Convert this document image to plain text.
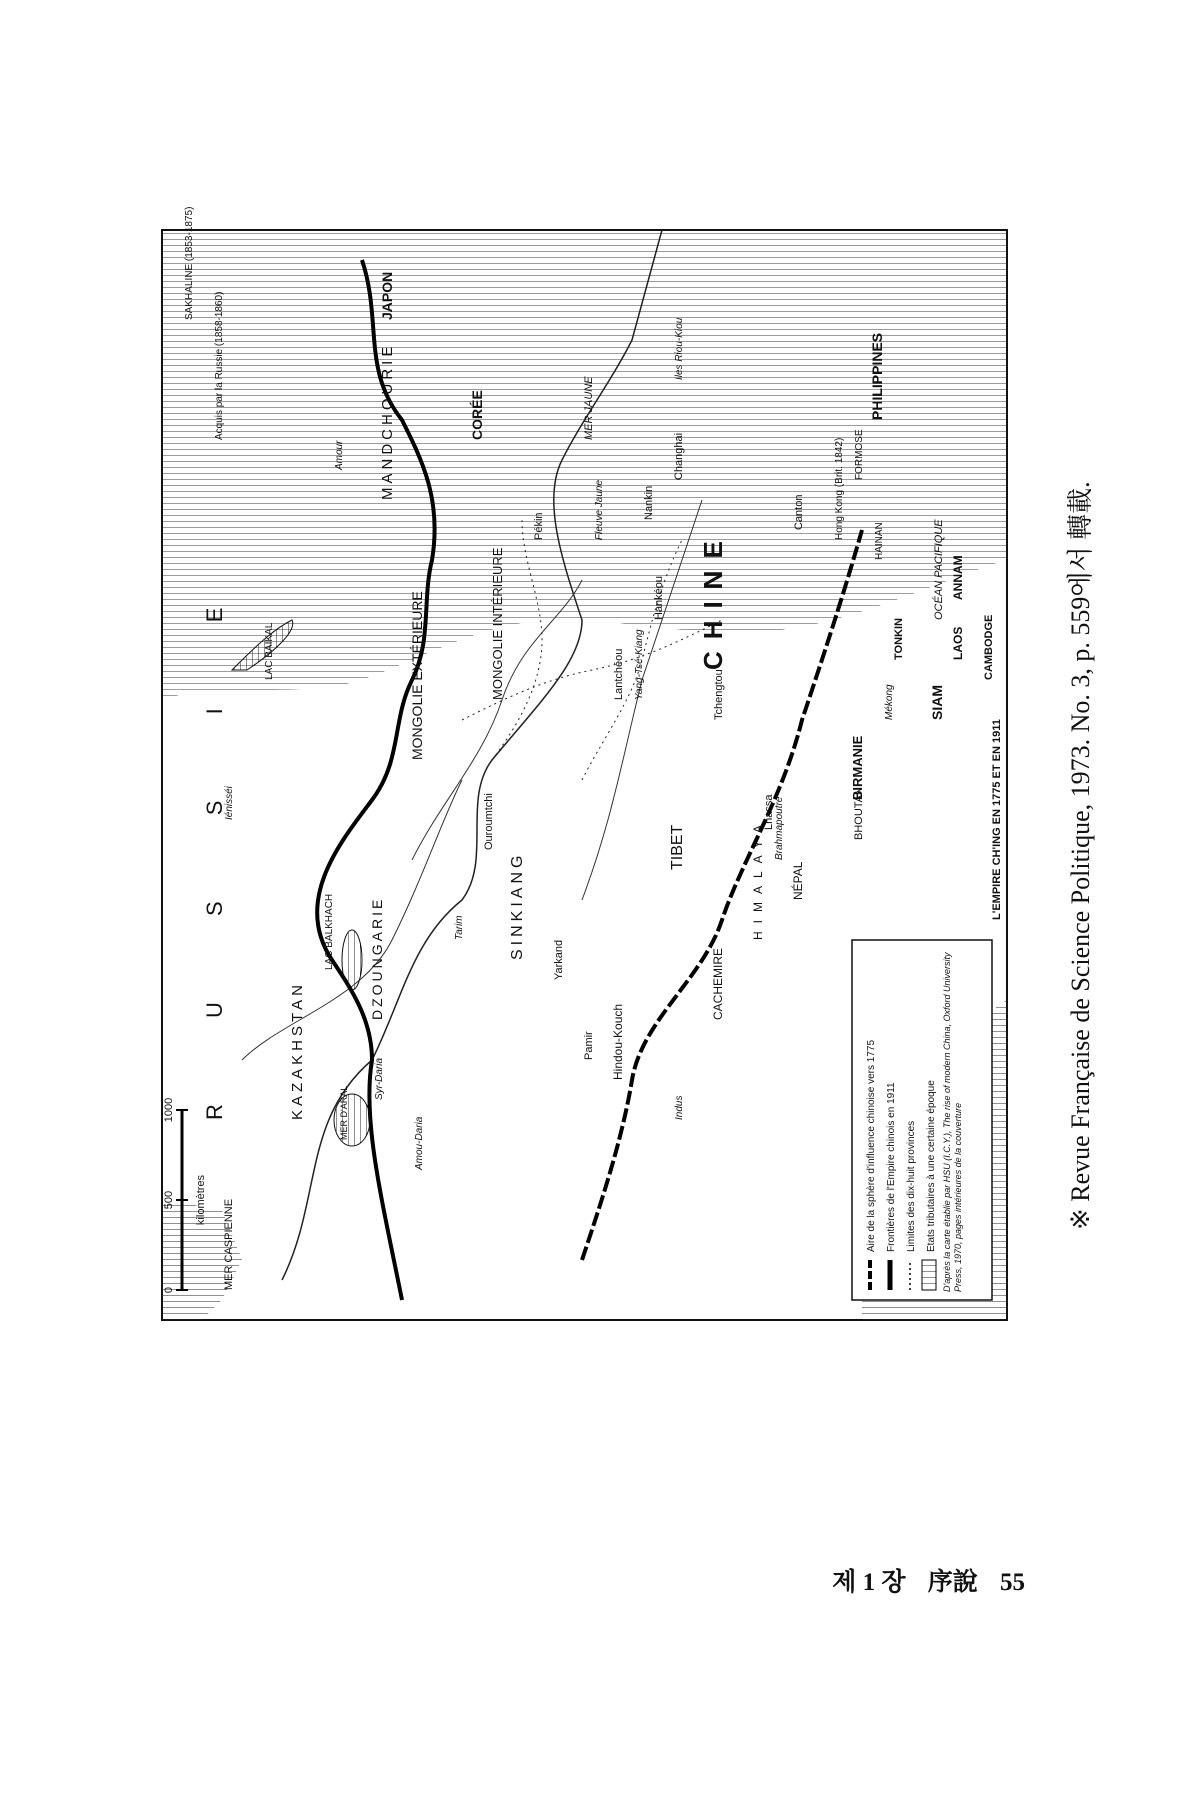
0
500
1000
kilomètres
R U S S I E	CHINE
TIBET
SINKIANG
KAZAKHSTAN
DZOUNGARIE
MONGOLIE EXTÉRIEURE	MONGOLIE INTÉRIEURE
MANDCHOURIE	CORÉE
JAPON
PHILIPPINES
BIRMANIE
SIAM
TONKIN
ANNAM
LAOS CAMBODGE
NÉPAL
BHOUTAN
CACHEMIRE
Hindou-Kouch
HIMALAYA
LAC BAIKAL
LAC BALKHACH
MER D'ARAL
MER CASPIENNE
MER JAUNE
OCÉAN PACIFIQUE
Fleuve Jaune
Yang-Tsé-Kiang
Amour
Iénisséi
Syr-Daria
Amou-Daria
Indus
Tarim
Brahmapoutre
Mékong
Pékin
Nankin
Changhai
Hankéou
Canton
Tchengtou
Lantchéou
Ouroumtchi	Lhassa
Yarkand
Pamir
Acquis par la Russie (1858-1860)
SAKHALINE (1853-1875)
Hong Kong (Brit. 1842) FORMOSE
HAINAN
Iles Riou-Kiou
L'EMPIRE CH'ING EN 1775 ET EN 1911
Aire de la sphère d'influence chinoise vers 1775 Frontières de l'Empire chinois en 1911 Limites des dix-huit provinces Etats tributaires à une certaine époque D'après la carte établie par HSU (I.C.Y.), The rise of modern China, Oxford University Press, 1970, pages intérieures de la couverture	※ Revue Française de Science Politique, 1973. No. 3, p. 559에서 轉載.
제 1 장 序說 55
